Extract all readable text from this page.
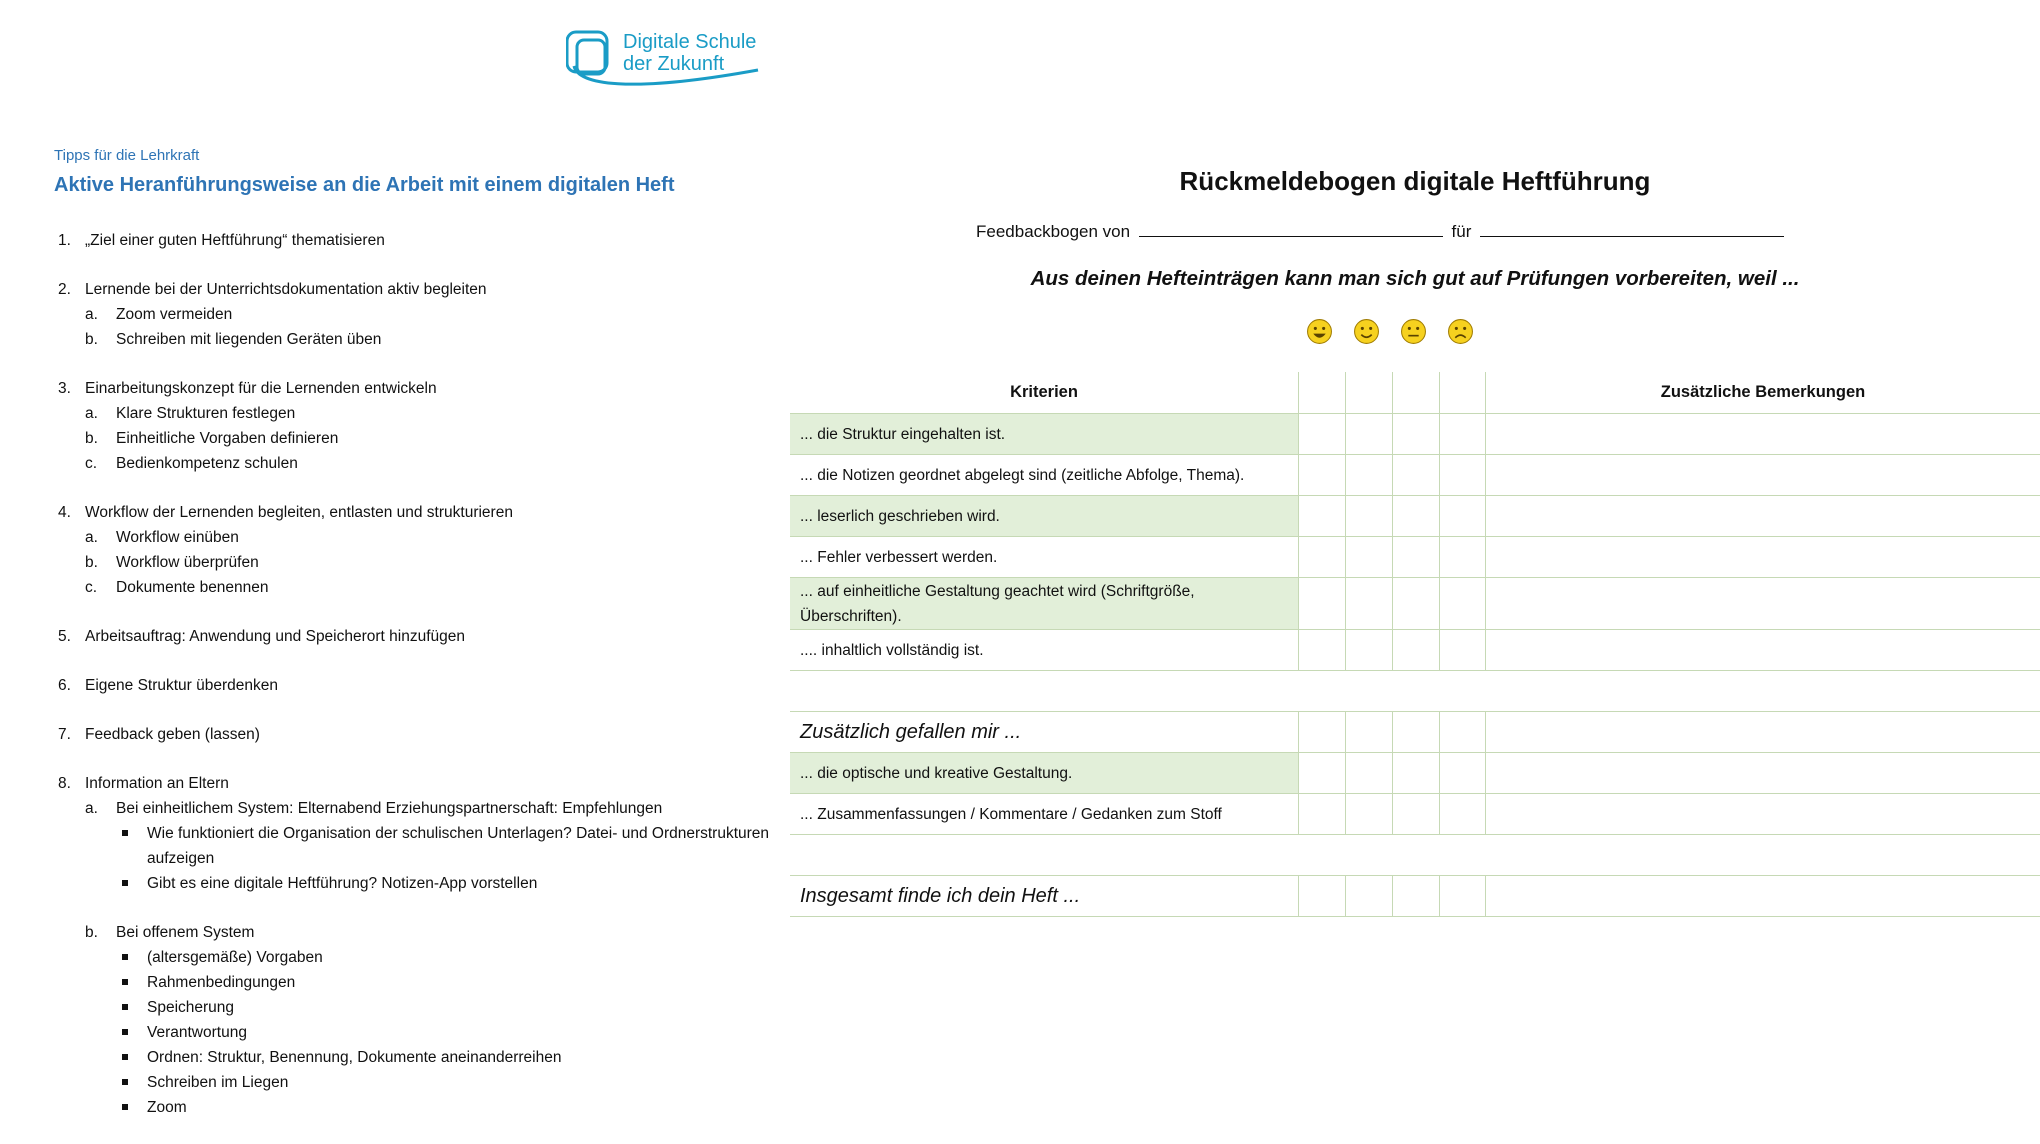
Digitale Schule
der Zukunft
Tipps für die Lehrkraft
Aktive Heranführungsweise an die Arbeit mit einem digitalen Heft
1. „Ziel einer guten Heftführung“ thematisieren
2. Lernende bei der Unterrichtsdokumentation aktiv begleiten
a. Zoom vermeiden
b. Schreiben mit liegenden Geräten üben
3. Einarbeitungskonzept für die Lernenden entwickeln
a. Klare Strukturen festlegen
b. Einheitliche Vorgaben definieren
c. Bedienkompetenz schulen
4. Workflow der Lernenden begleiten, entlasten und strukturieren
a. Workflow einüben
b. Workflow überprüfen
c. Dokumente benennen
5. Arbeitsauftrag: Anwendung und Speicherort hinzufügen
6. Eigene Struktur überdenken
7. Feedback geben (lassen)
8. Information an Eltern
a. Bei einheitlichem System: Elternabend Erziehungspartnerschaft: Empfehlungen
Wie funktioniert die Organisation der schulischen Unterlagen? Datei- und Ordnerstrukturen aufzeigen
Gibt es eine digitale Heftführung? Notizen-App vorstellen
b. Bei offenem System
(altersgemäße) Vorgaben
Rahmenbedingungen
Speicherung
Verantwortung
Ordnen: Struktur, Benennung, Dokumente aneinanderreihen
Schreiben im Liegen
Zoom
Rückmeldebogen digitale Heftführung
Feedbackbogen von	für
Aus deinen Hefteinträgen kann man sich gut auf Prüfungen vorbereiten, weil ...
Kriterien	Zusätzliche Bemerkungen
... die Struktur eingehalten ist.
... die Notizen geordnet abgelegt sind (zeitliche Abfolge, Thema).
... leserlich geschrieben wird.
... Fehler verbessert werden.
... auf einheitliche Gestaltung geachtet wird (Schriftgröße, Überschriften).
.... inhaltlich vollständig ist.
Zusätzlich gefallen mir ...
... die optische und kreative Gestaltung.
... Zusammenfassungen / Kommentare / Gedanken zum Stoff
Insgesamt finde ich dein Heft ...
